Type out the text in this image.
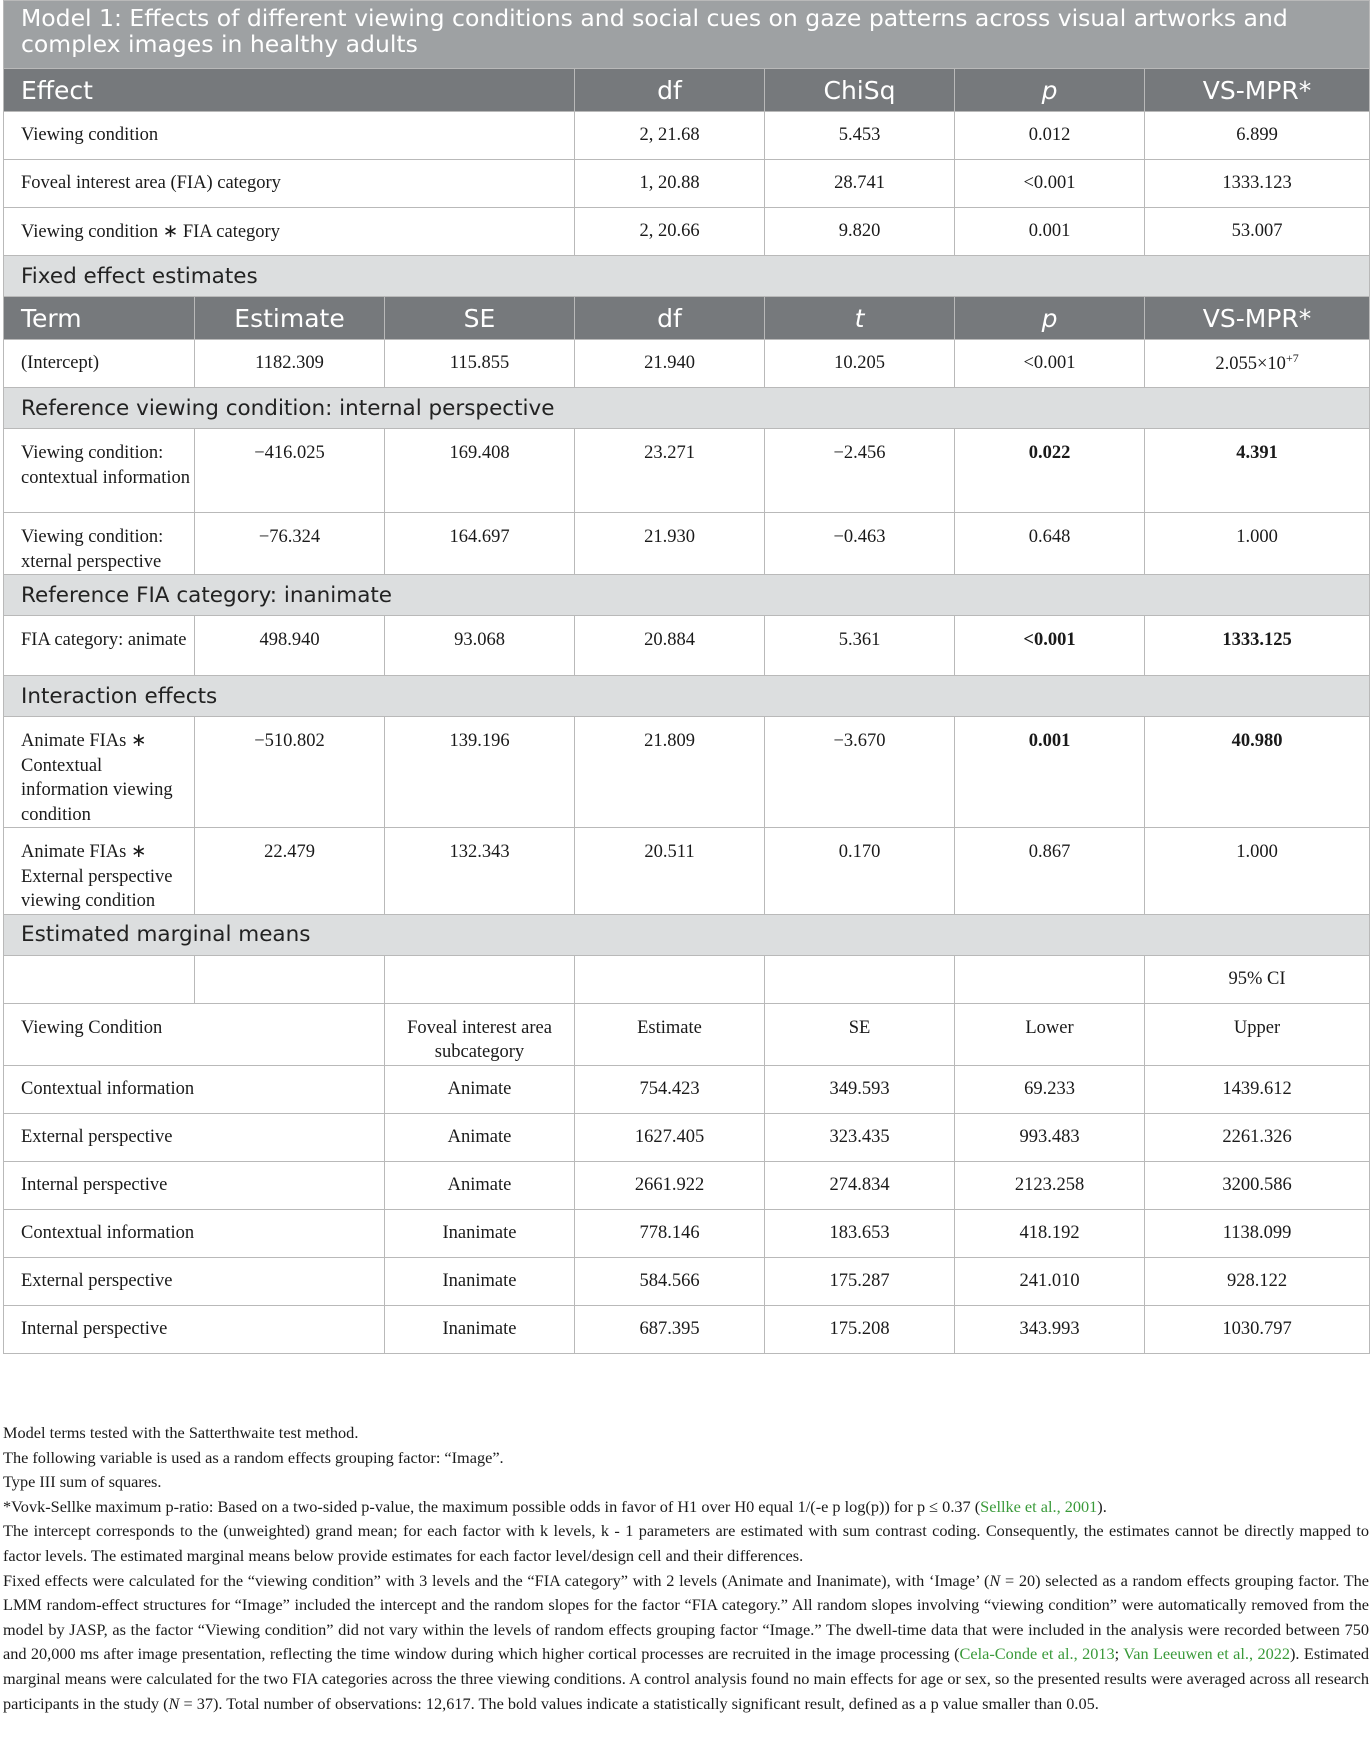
Model 1: Effects of different viewing conditions and social cues on gaze patterns across visual artworks and complex images in healthy adults				
Effect	df	ChiSq	p	VS-MPR*
Viewing condition	2, 21.68	5.453	0.012	6.899
Foveal interest area (FIA) category	1, 20.88	28.741	<0.001	1333.123
Viewing condition ∗ FIA category	2, 20.66	9.820	0.001	53.007
Fixed effect estimates						
Term	Estimate	SE	df	t	p	VS-MPR*
(Intercept)	1182.309	115.855	21.940	10.205	<0.001	$2.055\times 10^{+7}$
Reference viewing condition: internal perspective						
Viewing condition: contextual information	−416.025	169.408	23.271	−2.456	0.022	4.391
Viewing condition: xternal perspective	−76.324	164.697	21.930	−0.463	0.648	1.000
Reference FIA category: inanimate						
FIA category: animate	498.940	93.068	20.884	5.361	<0.001	1333.125
Interaction effects						
Animate FIAs ∗ Contextual information viewing condition	−510.802	139.196	21.809	−3.670	0.001	40.980
Animate FIAs ∗ External perspective viewing condition	22.479	132.343	20.511	0.170	0.867	1.000
Estimated marginal means						
						95% CI
Viewing Condition		Foveal interest area subcategory	Estimate	SE	Lower	Upper
Contextual information		Animate	754.423	349.593	69.233	1439.612
External perspective		Animate	1627.405	323.435	993.483	2261.326
Internal perspective		Animate	2661.922	274.834	2123.258	3200.586
Contextual information		Inanimate	778.146	183.653	418.192	1138.099
External perspective		Inanimate	584.566	175.287	241.010	928.122
Internal perspective		Inanimate	687.395	175.208	343.993	1030.797

Model terms tested with the Satterthwaite test method.

The following variable is used as a random effects grouping factor: “Image”.

Type III sum of squares.

*Vovk-Sellke maximum p-ratio: Based on a two-sided p-value, the maximum possible odds in favor of H1 over H0 equal 1/(-e p log(p)) for p ≤ 0.37 (Sellke et al., 2001).

The intercept corresponds to the (unweighted) grand mean; for each factor with k levels, k - 1 parameters are estimated with sum contrast coding. Consequently, the estimates cannot be directly mapped to factor levels. The estimated marginal means below provide estimates for each factor level/design cell and their differences.

Fixed effects were calculated for the “viewing condition” with 3 levels and the “FIA category” with 2 levels (Animate and Inanimate), with ‘Image’ (N = 20) selected as a random effects grouping factor. The LMM random-effect structures for “Image” included the intercept and the random slopes for the factor “FIA category.” All random slopes involving “viewing condition” were automatically removed from the model by JASP, as the factor “Viewing condition” did not vary within the levels of random effects grouping factor “Image.” The dwell-time data that were included in the analysis were recorded between 750 and 20,000 ms after image presentation, reflecting the time window during which higher cortical processes are recruited in the image processing (Cela-Conde et al., 2013; Van Leeuwen et al., 2022). Estimated marginal means were calculated for the two FIA categories across the three viewing conditions. A control analysis found no main effects for age or sex, so the presented results were averaged across all research participants in the study (N = 37). Total number of observations: 12,617. The bold values indicate a statistically significant result, defined as a p value smaller than 0.05.
